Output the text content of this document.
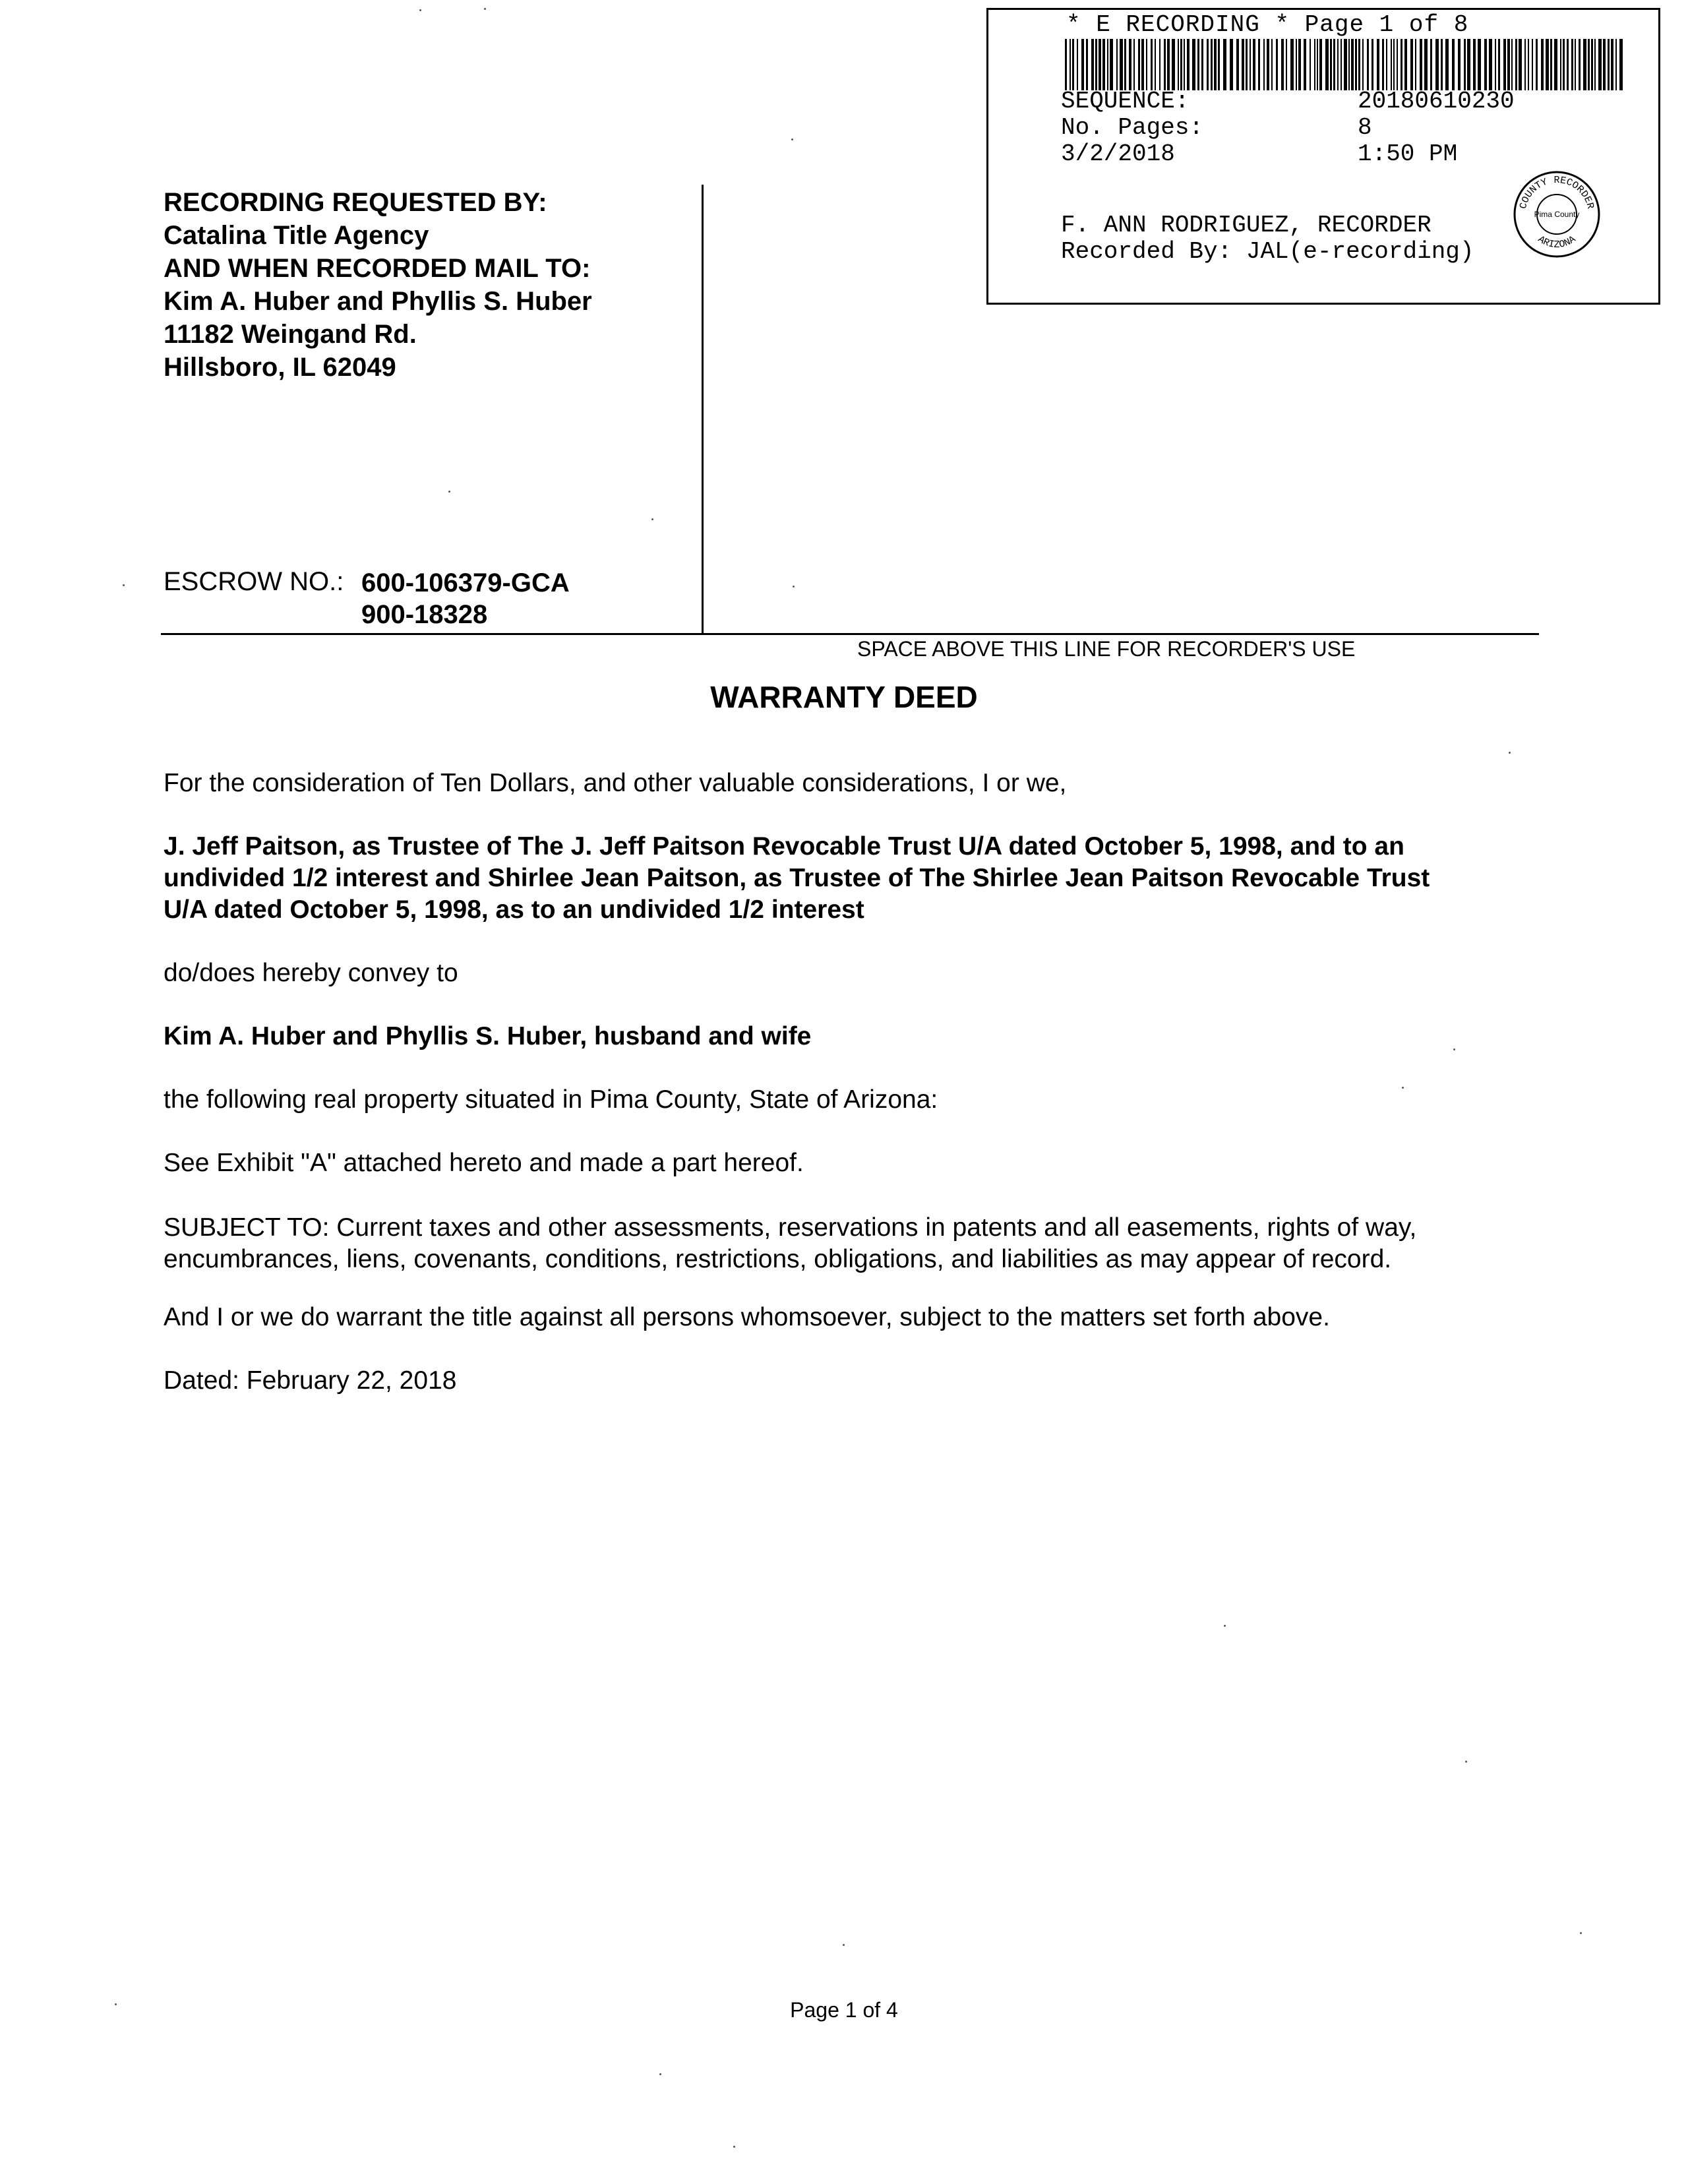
* E RECORDING * Page 1 of 8
SEQUENCE:	20180610230
No. Pages:	8
3/2/2018	1:50 PM
F. ANN RODRIGUEZ, RECORDER
Recorded By: JAL(e-recording)
COUNTY RECORDER
ARIZONA
Pima County
RECORDING REQUESTED BY:
Catalina Title Agency
AND WHEN RECORDED MAIL TO:
Kim A. Huber and Phyllis S. Huber
11182 Weingand Rd.
Hillsboro, IL 62049
ESCROW NO.: 600-106379-GCA
900-18328
SPACE ABOVE THIS LINE FOR RECORDER'S USE
WARRANTY DEED
For the consideration of Ten Dollars, and other valuable considerations, I or we,
J. Jeff Paitson, as Trustee of The J. Jeff Paitson Revocable Trust U/A dated October 5, 1998, and to an
undivided 1/2 interest and Shirlee Jean Paitson, as Trustee of The Shirlee Jean Paitson Revocable Trust
U/A dated October 5, 1998, as to an undivided 1/2 interest
do/does hereby convey to
Kim A. Huber and Phyllis S. Huber, husband and wife
the following real property situated in Pima County, State of Arizona:
See Exhibit "A" attached hereto and made a part hereof.
SUBJECT TO: Current taxes and other assessments, reservations in patents and all easements, rights of way,
encumbrances, liens, covenants, conditions, restrictions, obligations, and liabilities as may appear of record.
And I or we do warrant the title against all persons whomsoever, subject to the matters set forth above.
Dated: February 22, 2018
Page 1 of 4
